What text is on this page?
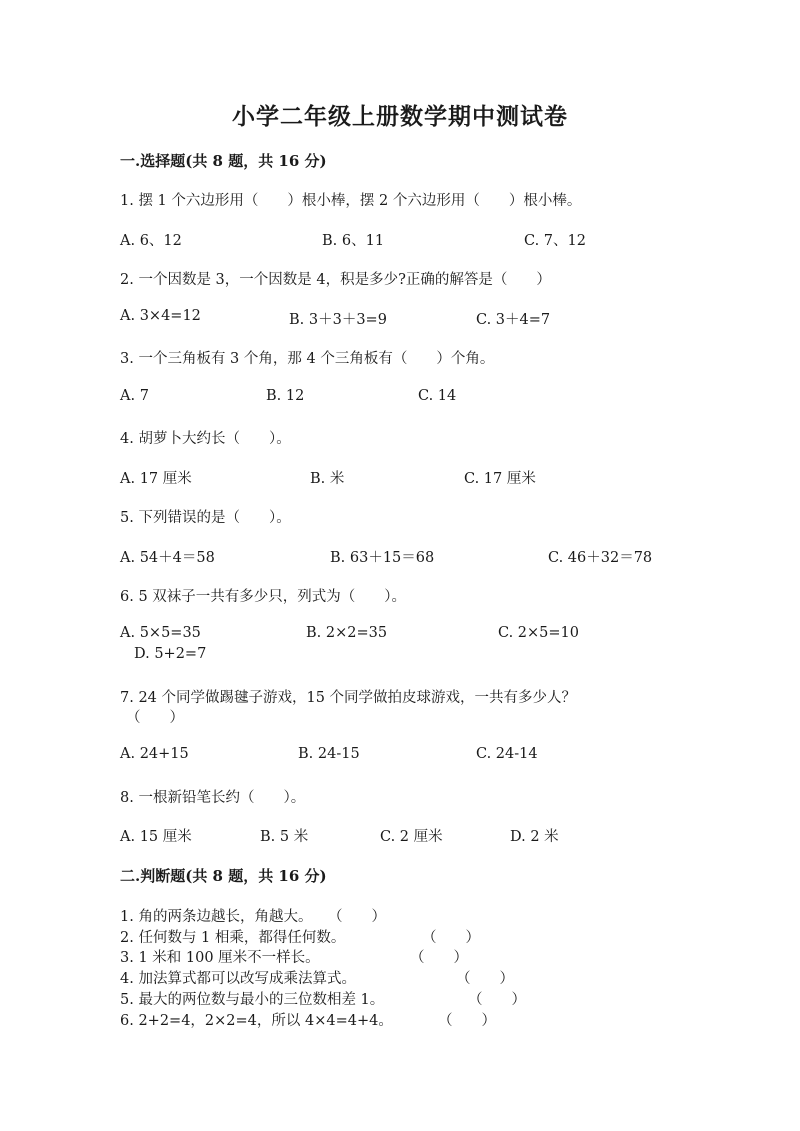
小学二年级上册数学期中测试卷
一.选择题(共 8 题，共 16 分)
1. 摆 1 个六边形用（　　）根小棒，摆 2 个六边形用（　　）根小棒。
A. 6、12	B. 6、11	C. 7、12
2. 一个因数是 3，一个因数是 4，积是多少?正确的解答是（　　）
A. 3×4=12	B. 3＋3＋3=9	C. 3＋4=7
3. 一个三角板有 3 个角，那 4 个三角板有（　　）个角。
A. 7	B. 12	C. 14
4. 胡萝卜大约长（　　）。
A. 17 厘米	B. 米	C. 17 厘米
5. 下列错误的是（　　）。
A. 54＋4＝58	B. 63＋15＝68	C. 46＋32＝78
6. 5 双袜子一共有多少只，列式为（　　）。
A. 5×5=35	B. 2×2=35	C. 2×5=10
D. 5+2=7
7. 24 个同学做踢毽子游戏，15 个同学做拍皮球游戏，一共有多少人？
（　　）
A. 24+15	B. 24-15	C. 24-14
8. 一根新铅笔长约（　　）。
A. 15 厘米	B. 5 米	C. 2 厘米	D. 2 米
二.判断题(共 8 题，共 16 分)
1. 角的两条边越长，角越大。 （　　）
2. 任何数与 1 相乘，都得任何数。	（　　）
3. 1 米和 100 厘米不一样长。	（　　）
4. 加法算式都可以改写成乘法算式。	（　　）
5. 最大的两位数与最小的三位数相差 1。	（　　）
6. 2+2=4，2×2=4，所以 4×4=4+4。	（　　）
